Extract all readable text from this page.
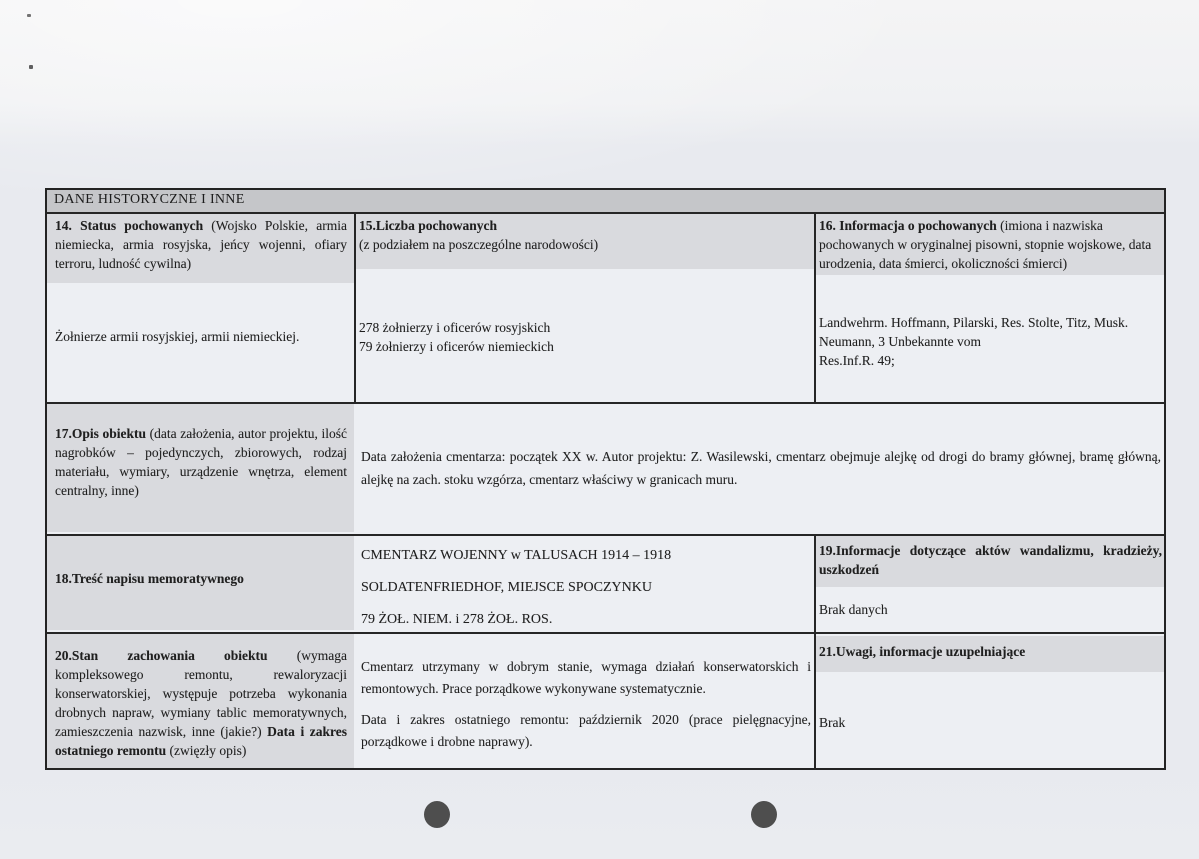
DANE HISTORYCZNE I INNE
14. Status pochowanych (Wojsko Polskie, armia niemiecka, armia rosyjska, jeńcy wojenni, ofiary terroru, ludność cywilna)
Żołnierze armii rosyjskiej, armii niemieckiej.
15.Liczba pochowanych
(z podziałem na poszczególne narodowości)
278 żołnierzy i oficerów rosyjskich
79 żołnierzy i oficerów niemieckich
16. Informacja o pochowanych (imiona i nazwiska pochowanych w oryginalnej pisowni, stopnie wojskowe, data urodzenia, data śmierci, okoliczności śmierci)
Landwehrm. Hoffmann, Pilarski, Res. Stolte, Titz, Musk.
Neumann, 3 Unbekannte vom
Res.Inf.R. 49;
17.Opis obiektu (data założenia, autor projektu, ilość nagrobków – pojedynczych, zbiorowych, rodzaj materiału, wymiary, urządzenie wnętrza, element centralny, inne)
Data założenia cmentarza: początek XX w. Autor projektu: Z. Wasilewski, cmentarz obejmuje alejkę od drogi do bramy głównej, bramę główną, alejkę na zach. stoku wzgórza, cmentarz właściwy w granicach muru.
18.Treść napisu memoratywnego
CMENTARZ WOJENNY w TALUSACH 1914 – 1918
SOLDATENFRIEDHOF, MIEJSCE SPOCZYNKU
79 ŻOŁ. NIEM. i 278 ŻOŁ. ROS.
19.Informacje dotyczące aktów wandalizmu, kradzieży, uszkodzeń
Brak danych
20.Stan zachowania obiektu (wymaga kompleksowego remontu, rewaloryzacji konserwatorskiej, występuje potrzeba wykonania drobnych napraw, wymiany tablic memoratywnych, zamieszczenia nazwisk, inne (jakie?) Data i zakres ostatniego remontu (zwięzły opis)
Cmentarz utrzymany w dobrym stanie, wymaga działań konserwatorskich i remontowych. Prace porządkowe wykonywane systematycznie.
Data i zakres ostatniego remontu: październik 2020 (prace pielęgnacyjne, porządkowe i drobne naprawy).
21.Uwagi, informacje uzupelniające
Brak
